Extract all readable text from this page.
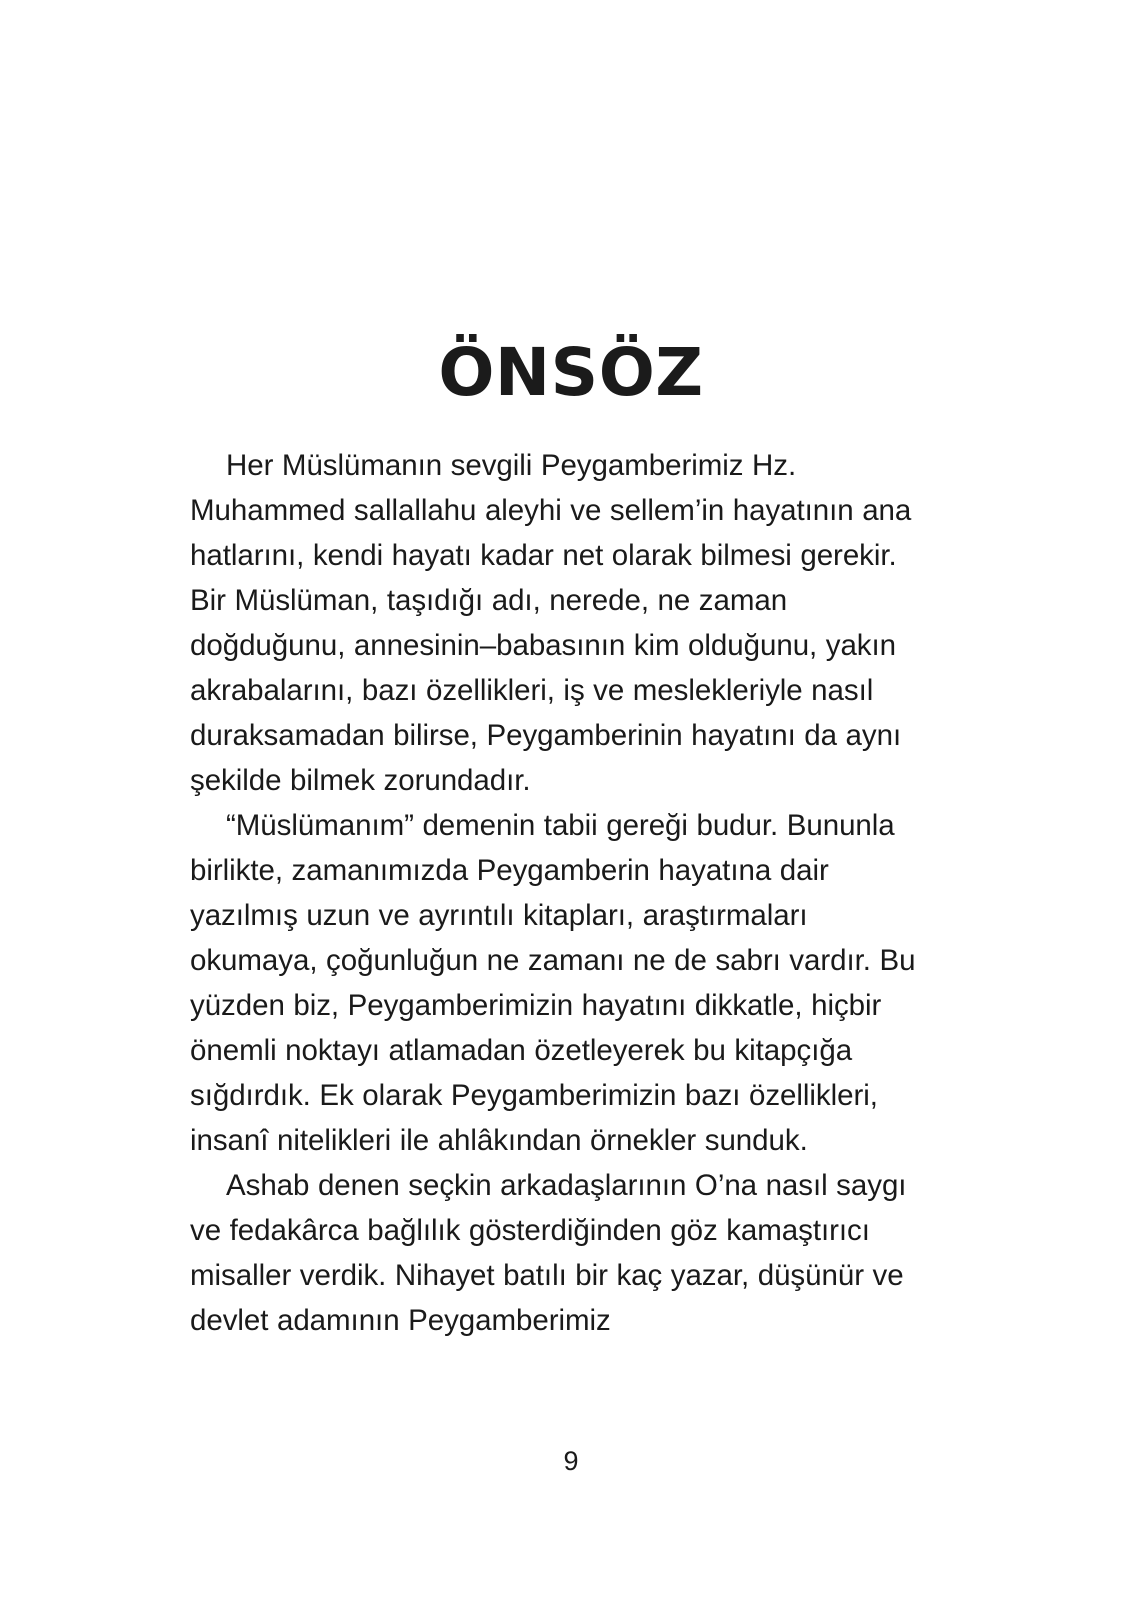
ÖNSÖZ

Her Müslümanın sevgili Peygamberimiz Hz. Muhammed sallallahu aleyhi ve sellem’in hayatının ana hatlarını, kendi hayatı kadar net olarak bilmesi gerekir. Bir Müslüman, taşıdığı adı, nerede, ne zaman doğduğunu, annesinin–babasının kim olduğunu, yakın akrabalarını, bazı özellikleri, iş ve meslekleriyle nasıl duraksamadan bilirse, Peygamberinin hayatını da aynı şekilde bilmek zorundadır.

“Müslümanım” demenin tabii gereği budur. Bununla birlikte, zamanımızda Peygamberin hayatına dair yazılmış uzun ve ayrıntılı kitapları, araştırmaları okumaya, çoğunluğun ne zamanı ne de sabrı vardır. Bu yüzden biz, Peygamberimizin hayatını dikkatle, hiçbir önemli noktayı atlamadan özetleyerek bu kitapçığa sığdırdık. Ek olarak Peygamberimizin bazı özellikleri, insanî nitelikleri ile ahlâkından örnekler sunduk.

Ashab denen seçkin arkadaşlarının O’na nasıl saygı ve fedakârca bağlılık gösterdiğinden göz kamaştırıcı misaller verdik. Nihayet batılı bir kaç yazar, düşünür ve devlet adamının Peygamberimiz

9
